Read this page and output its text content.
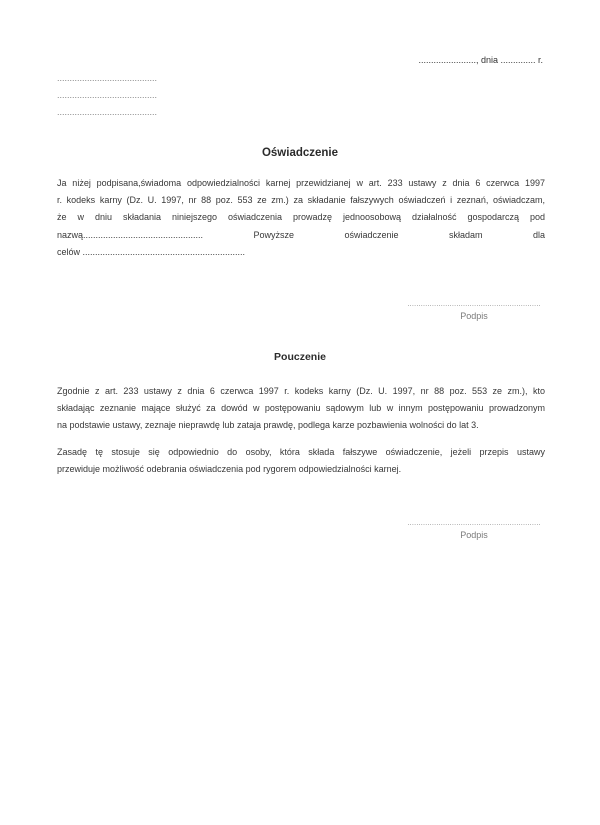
......................., dnia .............. r.
........................................
........................................
........................................
Oświadczenie
Ja niżej podpisana,świadoma odpowiedzialności karnej przewidzianej w art. 233 ustawy z dnia 6 czerwca 1997
r. kodeks karny (Dz. U. 1997, nr 88 poz. 553 ze zm.) za składanie fałszywych oświadczeń i zeznań, oświadczam,
że w dniu składania niniejszego oświadczenia prowadzę jednoosobową działalność gospodarczą pod
nazwą................................................ Powyższe oświadczenie składam dla
celów .................................................................
............................................................
Podpis
Pouczenie
Zgodnie z art. 233 ustawy z dnia 6 czerwca 1997 r. kodeks karny (Dz. U. 1997, nr 88 poz. 553 ze zm.), kto
składając zeznanie mające służyć za dowód w postępowaniu sądowym lub w innym postępowaniu prowadzonym
na podstawie ustawy, zeznaje nieprawdę lub zataja prawdę, podlega karze pozbawienia wolności do lat 3.
Zasadę tę stosuje się odpowiednio do osoby, która składa fałszywe oświadczenie, jeżeli przepis ustawy
przewiduje możliwość odebrania oświadczenia pod rygorem odpowiedzialności karnej.
............................................................
Podpis
